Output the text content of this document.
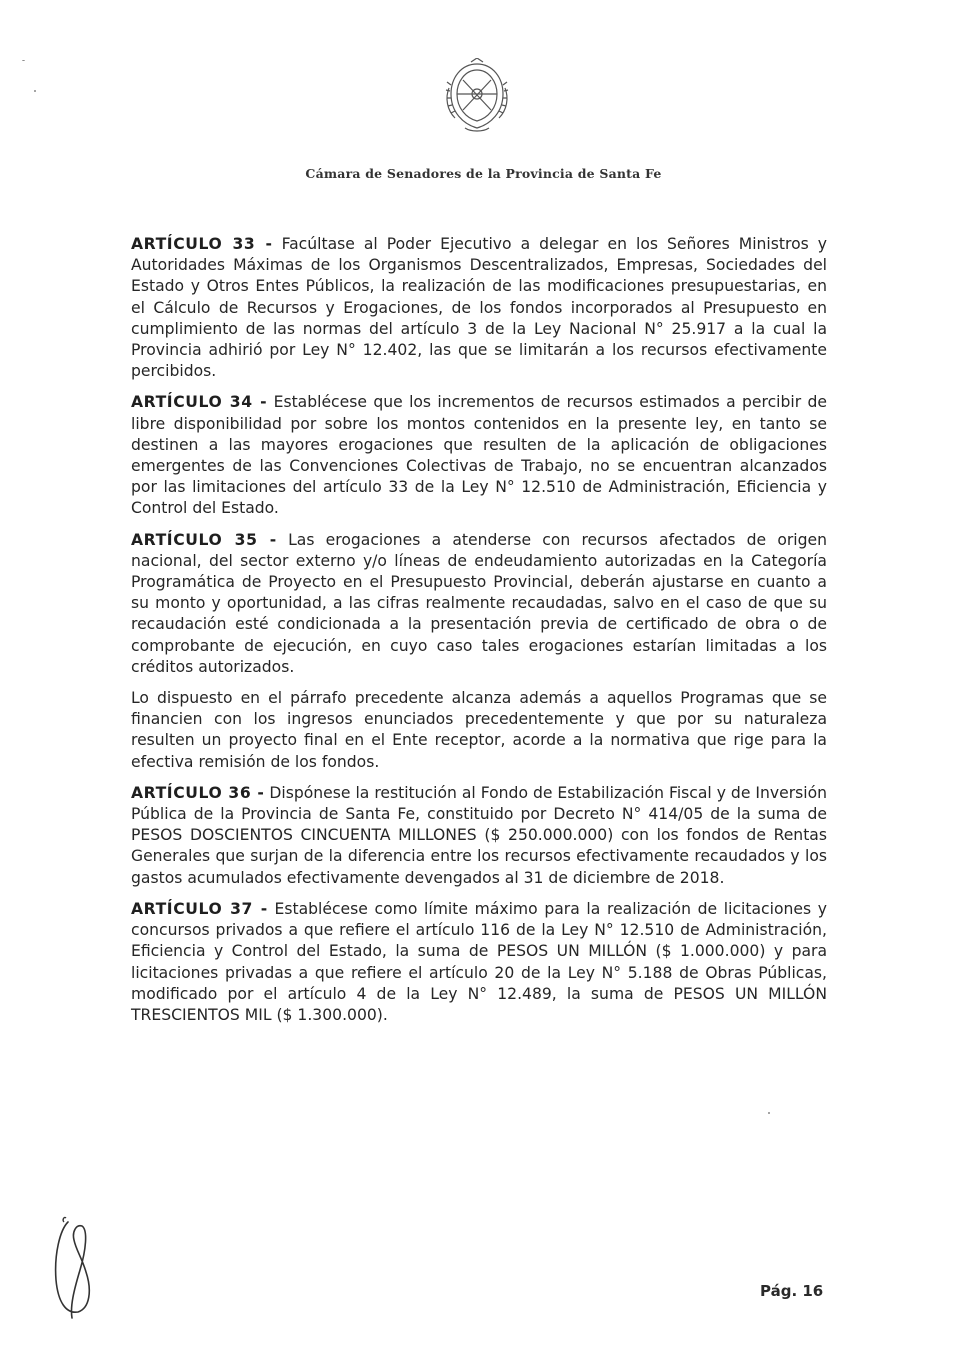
Cámara de Senadores de la Provincia de Santa Fe

ARTÍCULO 33 - Facúltase al Poder Ejecutivo a delegar en los Señores Ministros y Autoridades Máximas de los Organismos Descentralizados, Empresas, Sociedades del Estado y Otros Entes Públicos, la realización de las modificaciones presupuestarias, en el Cálculo de Recursos y Erogaciones, de los fondos incorporados al Presupuesto en cumplimiento de las normas del artículo 3 de la Ley Nacional N° 25.917 a la cual la Provincia adhirió por Ley N° 12.402, las que se limitarán a los recursos efectivamente percibidos.

ARTÍCULO 34 - Establécese que los incrementos de recursos estimados a percibir de libre disponibilidad por sobre los montos contenidos en la presente ley, en tanto se destinen a las mayores erogaciones que resulten de la aplicación de obligaciones emergentes de las Convenciones Colectivas de Trabajo, no se encuentran alcanzados por las limitaciones del artículo 33 de la Ley N° 12.510 de Administración, Eficiencia y Control del Estado.

ARTÍCULO 35 - Las erogaciones a atenderse con recursos afectados de origen nacional, del sector externo y/o líneas de endeudamiento autorizadas en la Categoría Programática de Proyecto en el Presupuesto Provincial, deberán ajustarse en cuanto a su monto y oportunidad, a las cifras realmente recaudadas, salvo en el caso de que su recaudación esté condicionada a la presentación previa de certificado de obra o de comprobante de ejecución, en cuyo caso tales erogaciones estarían limitadas a los créditos autorizados.

Lo dispuesto en el párrafo precedente alcanza además a aquellos Programas que se financien con los ingresos enunciados precedentemente y que por su naturaleza resulten un proyecto final en el Ente receptor, acorde a la normativa que rige para la efectiva remisión de los fondos.

ARTÍCULO 36 - Dispónese la restitución al Fondo de Estabilización Fiscal y de Inversión Pública de la Provincia de Santa Fe, constituido por Decreto N° 414/05 de la suma de PESOS DOSCIENTOS CINCUENTA MILLONES ($ 250.000.000) con los fondos de Rentas Generales que surjan de la diferencia entre los recursos efectivamente recaudados y los gastos acumulados efectivamente devengados al 31 de diciembre de 2018.

ARTÍCULO 37 - Establécese como límite máximo para la realización de licitaciones y concursos privados a que refiere el artículo 116 de la Ley N° 12.510 de Administración, Eficiencia y Control del Estado, la suma de PESOS UN MILLÓN ($ 1.000.000) y para licitaciones privadas a que refiere el artículo 20 de la Ley N° 5.188 de Obras Públicas, modificado por el artículo 4 de la Ley N° 12.489, la suma de PESOS UN MILLÓN TRESCIENTOS MIL ($ 1.300.000).

Pág. 16
